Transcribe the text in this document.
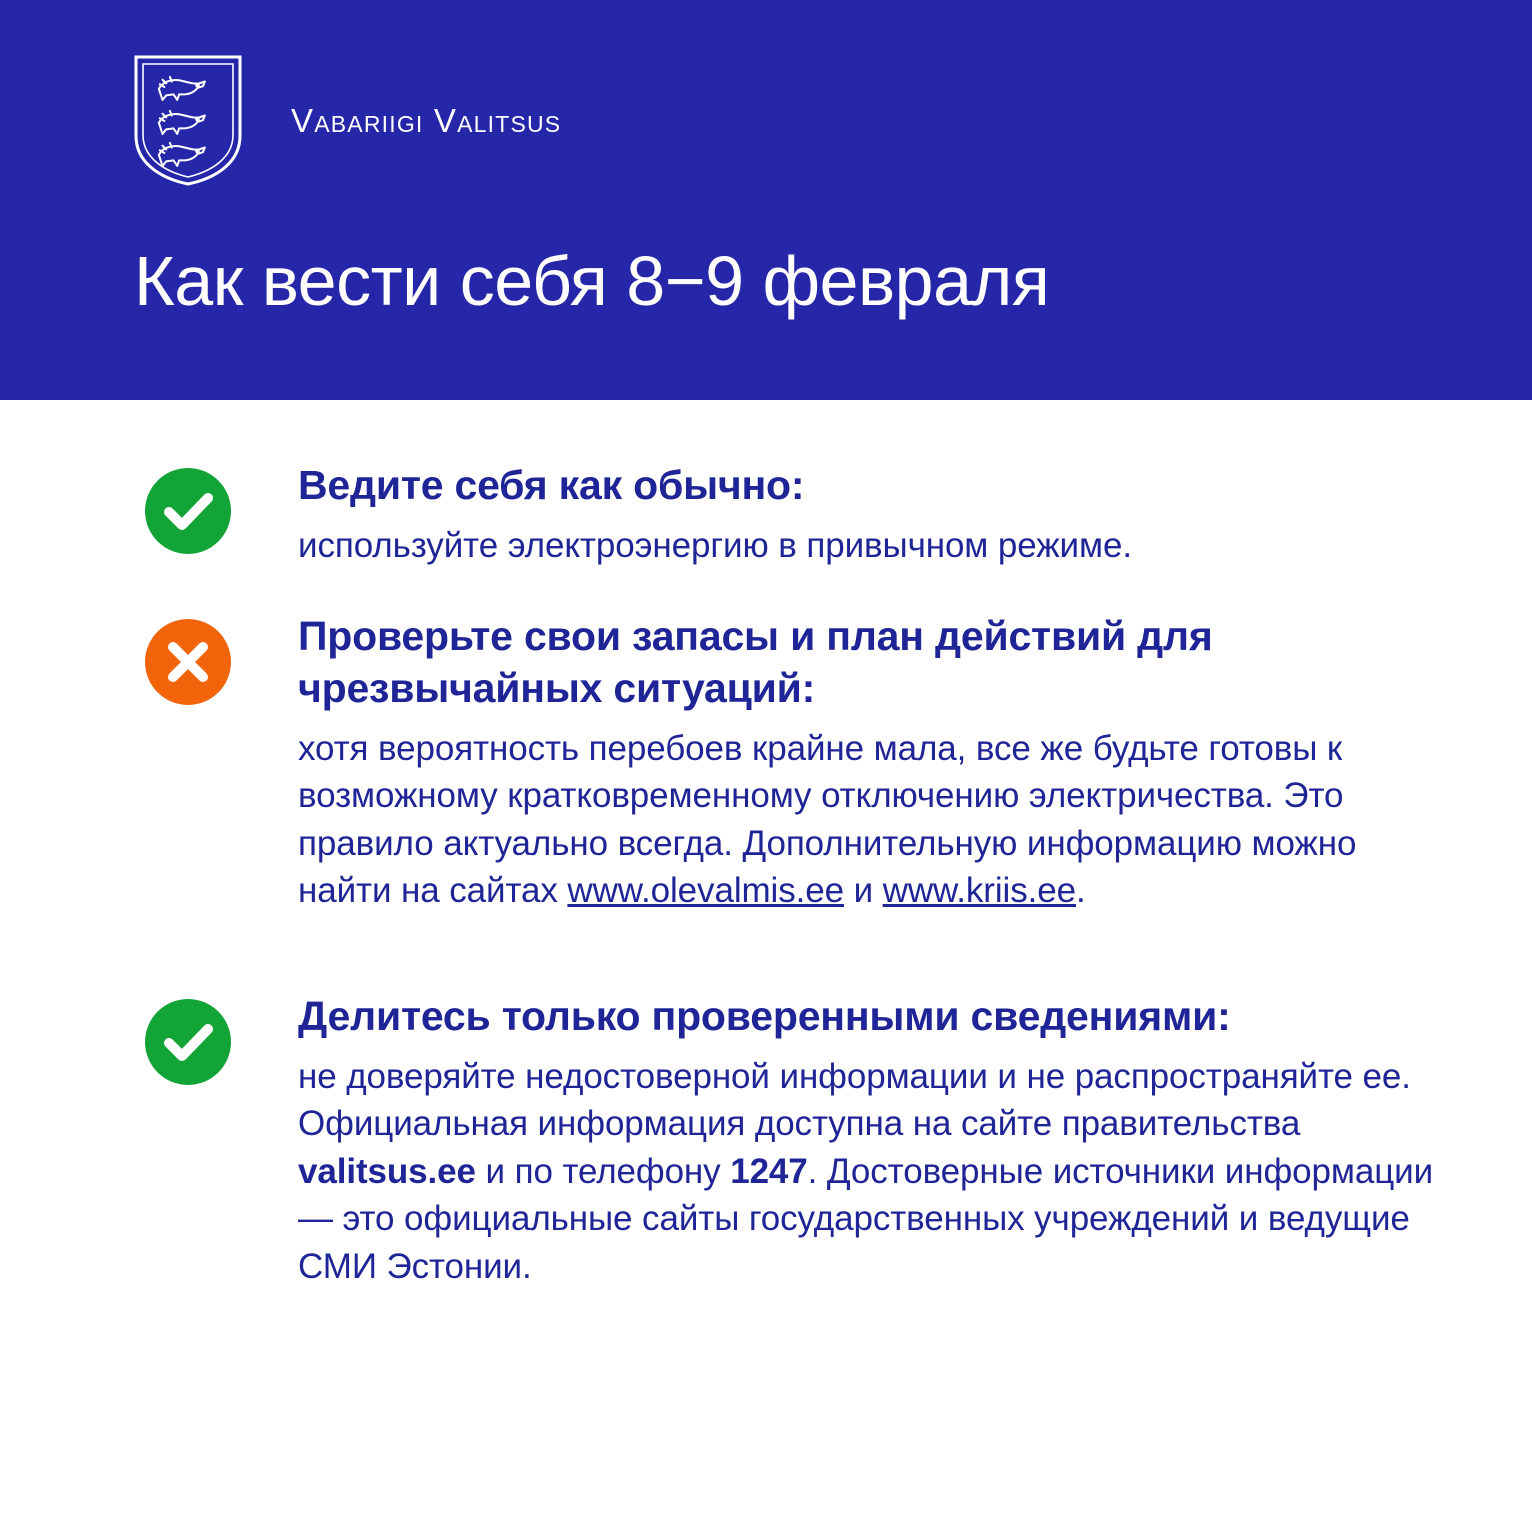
Vabariigi Valitsus
Как вести себя 8−9 февраля

Ведите себя как обычно:

используйте электроэнергию в привычном режиме.

Проверьте свои запасы и план действий для чрезвычайных ситуаций:

хотя вероятность перебоев крайне мала, все же будьте готовы к возможному кратковременному отключению электричества. Это правило актуально всегда. Дополнительную информацию можно найти на сайтах www.olevalmis.ee и www.kriis.ee.

Делитесь только проверенными сведениями:

не доверяйте недостоверной информации и не распространяйте ее. Официальная информация доступна на сайте правительства valitsus.ee и по телефону 1247. Достоверные источники информации — это официальные сайты государственных учреждений и ведущие СМИ Эстонии.
